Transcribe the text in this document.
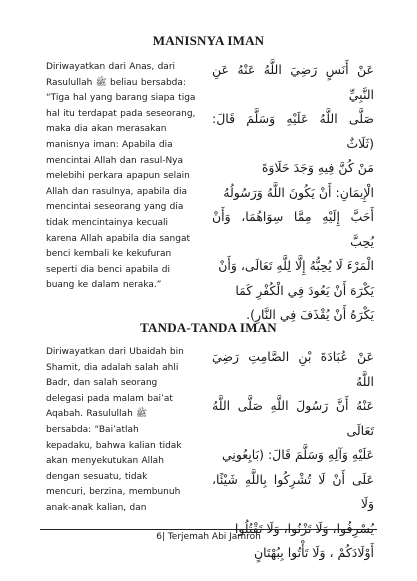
MANISNYA IMAN
Diriwayatkan dari Anas, dari
Rasulullah ﷺ beliau bersabda:
“Tiga hal yang barang siapa tiga
hal itu terdapat pada seseorang,
maka dia akan merasakan
manisnya iman: Apabila dia
mencintai Allah dan rasul-Nya
melebihi perkara apapun selain
Allah dan rasulnya, apabila dia
mencintai seseorang yang dia
tidak mencintainya kecuali
karena Allah apabila dia sangat
benci kembali ke kekufuran
seperti dia benci apabila di
buang ke dalam neraka.”
عَنْ أَنَسٍ رَضِيَ اللَّهُ عَنْهُ عَنِ النَّبِيِّ
صَلَّى اللَّهُ عَلَيْهِ وَسَلَّمَ قَالَ: (ثَلَاثٌ
مَنْ كُنَّ فِيهِ وَجَدَ حَلَاوَةَ
الْإِيمَانِ: أَنْ يَكُونَ اللَّهُ وَرَسُولُهُ
أَحَبَّ إِلَيْهِ مِمَّا سِوَاهُمَا، وَأَنْ يُحِبَّ
الْمَرْءَ لَا يُحِبُّهُ إِلَّا لِلَّهِ تَعَالَى، وَأَنْ
يَكْرَهَ أَنْ يَعُودَ فِي الْكُفْرِ كَمَا
يَكْرَهُ أَنْ يُقْذَفَ فِي النَّارِ).
TANDA-TANDA IMAN
Diriwayatkan dari Ubaidah bin
Shamit, dia adalah salah ahli
Badr, dan salah seorang
delegasi pada malam bai’at
Aqabah. Rasulullah ﷺ
bersabda: “Bai’atlah
kepadaku, bahwa kalian tidak
akan menyekutukan Allah
dengan sesuatu, tidak
mencuri, berzina, membunuh
anak-anak kalian, dan
عَنْ عُبَادَةَ بْنِ الصَّامِتِ رَضِيَ اللَّهُ
عَنْهُ أَنَّ رَسُولَ اللَّهِ صَلَّى اللَّهُ تَعَالَى
عَلَيْهِ وَآلِهِ وَسَلَّمَ قَالَ: (بَايِعُونِي
عَلَى أَنْ لَا تُشْرِكُوا بِاللَّهِ شَيْئًا، وَلَا
يُسْرِفُوا، وَلَا تَزْنُوا، وَلَا تَقْتُلُوا
أَوْلَادَكُمْ ، وَلَا تَأْتُوا بِبُهْتَانٍ
6| Terjemah Abi Jamroh
